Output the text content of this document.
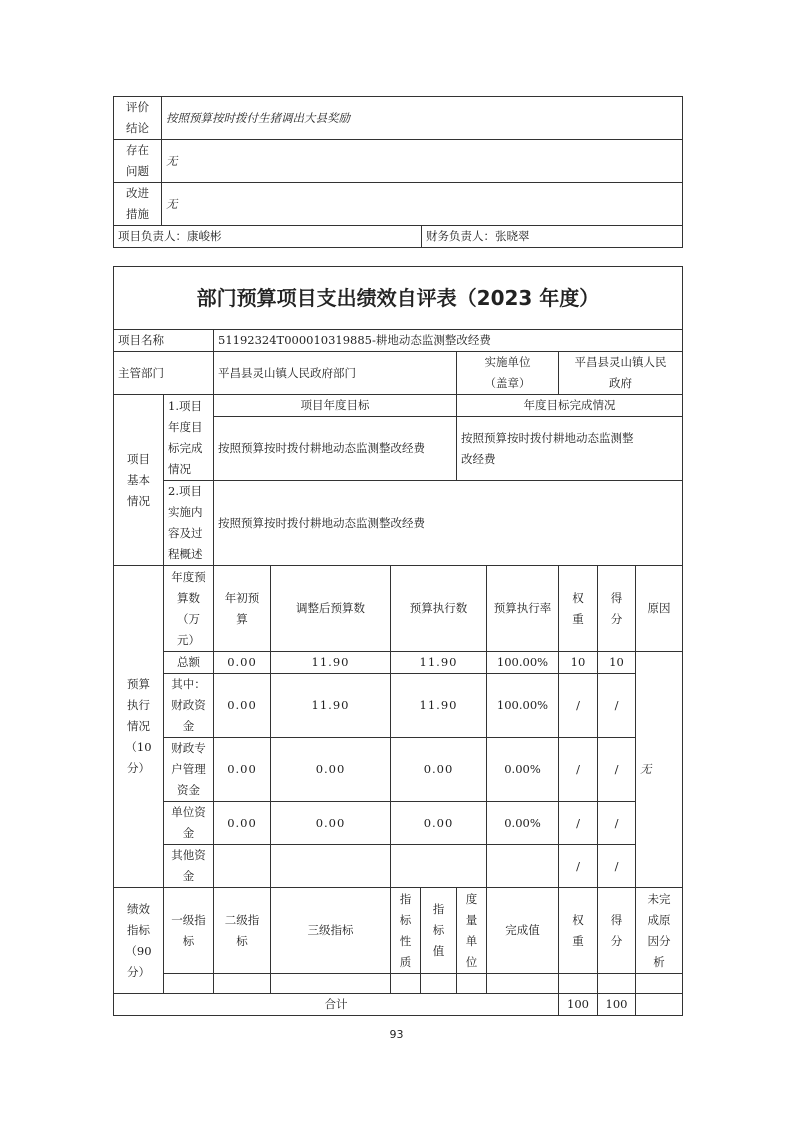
评价
结论	按照预算按时拨付生猪调出大县奖励	
存在
问题	无	
改进
措施	无	
项目负责人：康峻彬		财务负责人：张晓翠
部门预算项目支出绩效自评表（2023 年度）										
项目名称		51192324T000010319885-耕地动态监测整改经费								
主管部门		平昌县灵山镇人民政府部门				实施单位
（盖章）		平昌县灵山镇人民
政府		
项目
基本
情况	1.项目
年度目
标完成
情况	项目年度目标				年度目标完成情况				
		按照预算按时拨付耕地动态监测整改经费				按照预算按时拨付耕地动态监测整
改经费				
	2.项目
实施内
容及过
程概述	按照预算按时拨付耕地动态监测整改经费								
预算
执行
情况
（10
分）	年度预
算数
（万
元）	年初预
算	调整后预算数	预算执行数			预算执行率	权
重	得
分	原因
	总额	0.00	11.90	11.90			100.00%	10	10	无
	其中：
财政资
金	0.00	11.90	11.90			100.00%	/	/	
	财政专
户管理
资金	0.00	0.00	0.00			0.00%	/	/	
	单位资
金	0.00	0.00	0.00			0.00%	/	/	
	其他资
金							/	/	
绩效
指标
（90
分）	一级指
标	二级指
标	三级指标	指
标
性
质	指
标
值	度
量
单
位	完成值	权
重	得
分	未完
成原
因分
析

合计								100	100	
93
